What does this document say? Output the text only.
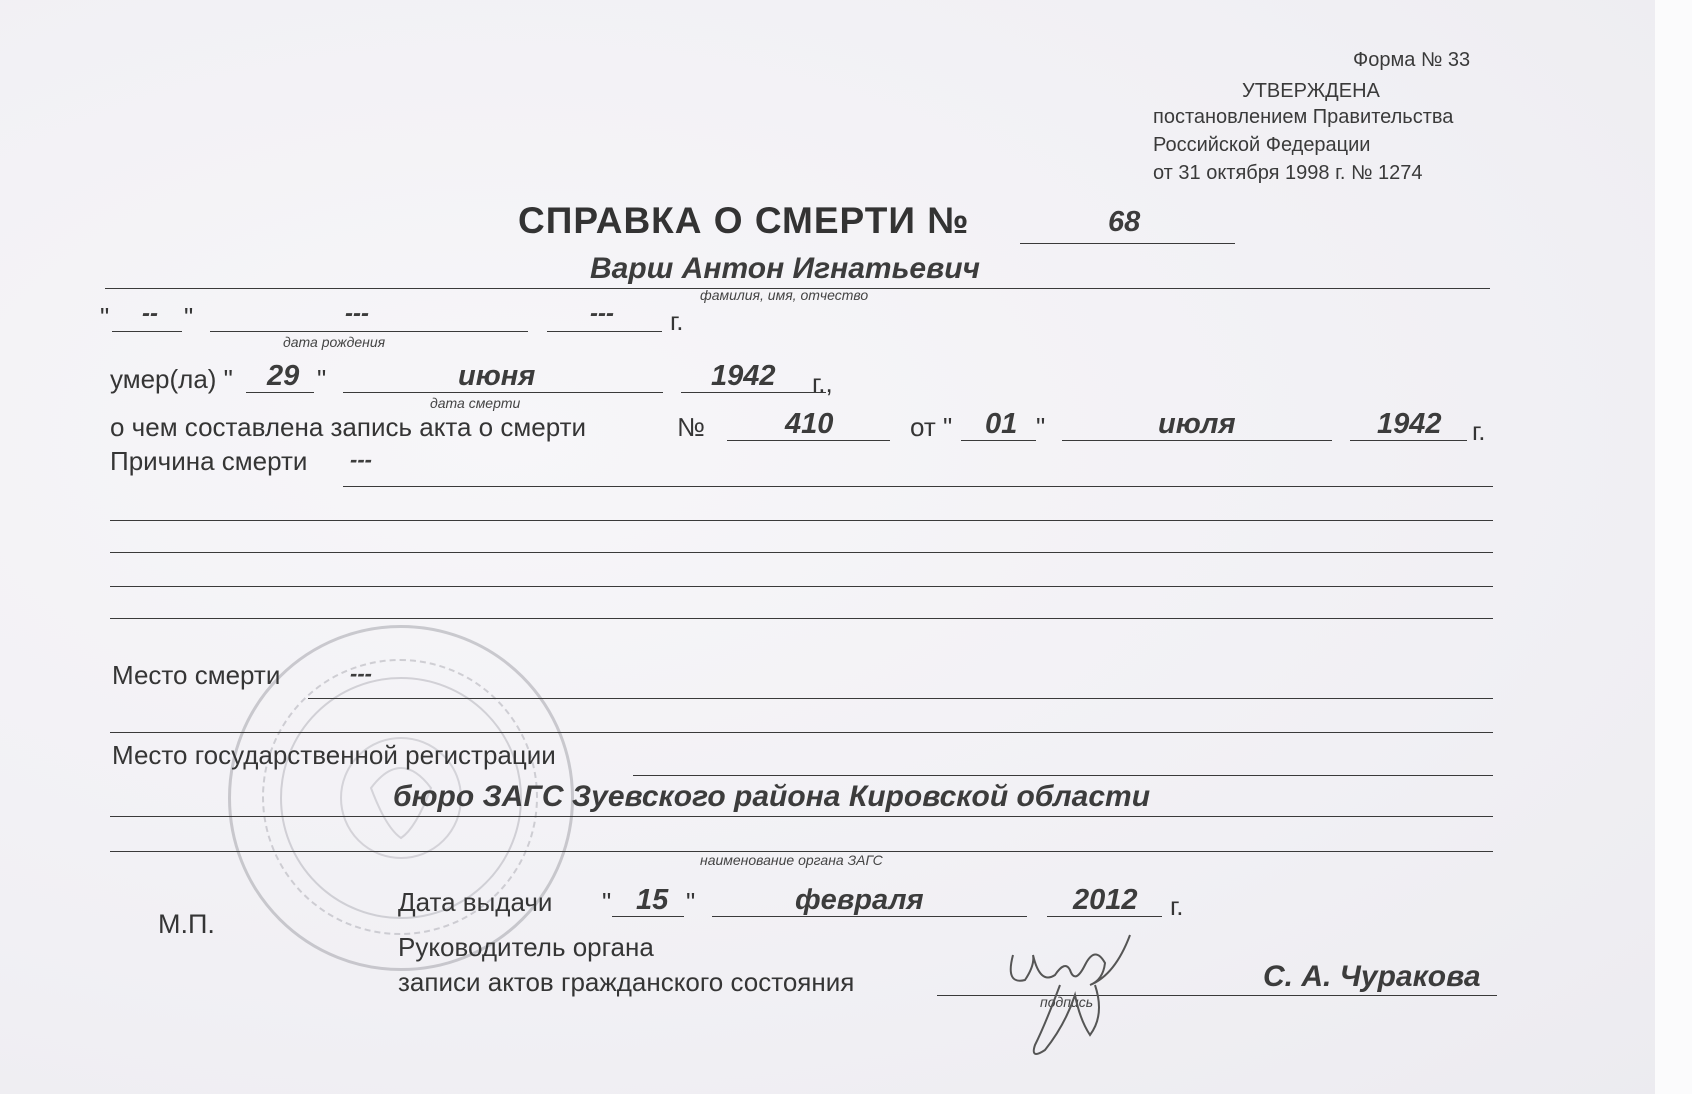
Форма № 33
УТВЕРЖДЕНА
постановлением Правительства
Российской Федерации
от 31 октября 1998 г. № 1274
СПРАВКА О СМЕРТИ №	68
Варш Антон Игнатьевич
фамилия, имя, отчество
" -- "	---	--- г.
дата рождения
умер(ла) " 29 "	июня	1942 г.,
дата смерти
о чем составлена запись акта о смерти	№	410	от " 01 "	июля	1942 г.
Причина смерти ---
Место смерти	---
Место государственной регистрации
бюро ЗАГС Зуевского района Кировской области
наименование органа ЗАГС
М.П.
Дата выдачи " 15 "	февраля	2012 г.
Руководитель органа
записи актов гражданского состояния
подпись
С. А. Чуракова
